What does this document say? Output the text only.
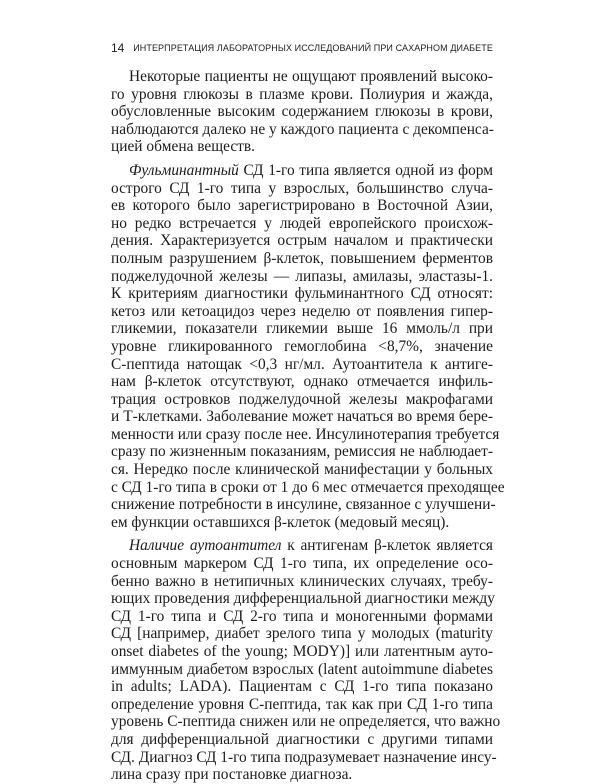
14 ИНТЕРПРЕТАЦИЯ ЛАБОРАТОРНЫХ ИССЛЕДОВАНИЙ ПРИ САХАРНОМ ДИАБЕТЕ
Некоторые пациенты не ощущают проявлений высоко-
го уровня глюкозы в плазме крови. Полиурия и жажда,
обусловленные высоким содержанием глюкозы в крови,
наблюдаются далеко не у каждого пациента с декомпенса-
цией обмена веществ.
Фульминантный СД 1-го типа является одной из форм
острого СД 1-го типа у взрослых, большинство случа-
ев которого было зарегистрировано в Восточной Азии,
но редко встречается у людей европейского происхож-
дения. Характеризуется острым началом и практически
полным разрушением β-клеток, повышением ферментов
поджелудочной железы — липазы, амилазы, эластазы-1.
К критериям диагностики фульминантного СД относят:
кетоз или кетоацидоз через неделю от появления гипер-
гликемии, показатели гликемии выше 16 ммоль/л при
уровне гликированного гемоглобина <8,7%, значение
С-пептида натощак <0,3 нг/мл. Аутоантитела к антиге-
нам β-клеток отсутствуют, однако отмечается инфиль-
трация островков поджелудочной железы макрофагами
и Т-клетками. Заболевание может начаться во время бере-
менности или сразу после нее. Инсулинотерапия требуется
сразу по жизненным показаниям, ремиссия не наблюдает-
ся. Нередко после клинической манифестации у больных
с СД 1-го типа в сроки от 1 до 6 мес отмечается преходящее
снижение потребности в инсулине, связанное с улучшени-
ем функции оставшихся β-клеток (медовый месяц).
Наличие аутоантител к антигенам β-клеток является
основным маркером СД 1-го типа, их определение осо-
бенно важно в нетипичных клинических случаях, требу-
ющих проведения дифференциальной диагностики между
СД 1-го типа и СД 2-го типа и моногенными формами
СД [например, диабет зрелого типа у молодых (maturity
onset diabetes of the young; MODY)] или латентным ауто-
иммунным диабетом взрослых (latent autoimmune diabetes
in adults; LADA). Пациентам с СД 1-го типа показано
определение уровня С-пептида, так как при СД 1-го типа
уровень С-пептида снижен или не определяется, что важно
для дифференциальной диагностики с другими типами
СД. Диагноз СД 1-го типа подразумевает назначение инсу-
лина сразу при постановке диагноза.
